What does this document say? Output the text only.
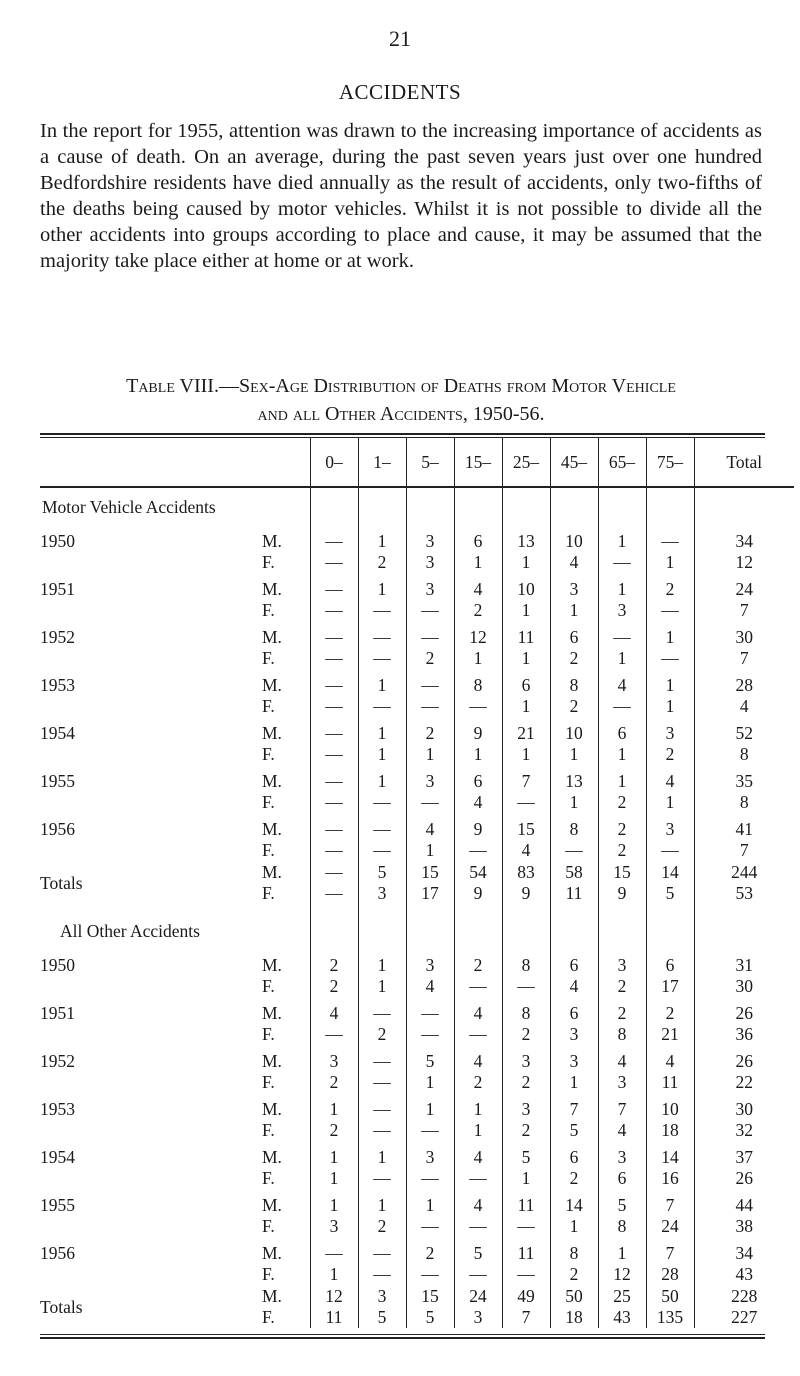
21
ACCIDENTS

In the report for 1955, attention was drawn to the increasing importance of accidents as a cause of death. On an average, during the past seven years just over one hundred Bedfordshire residents have died annually as the result of accidents, only two-fifths of the deaths being caused by motor vehicles. Whilst it is not possible to divide all the other accidents into groups according to place and cause, it may be assumed that the majority take place either at home or at work.

Table VIII.—Sex-Age Distribution of Deaths from Motor Vehicle
and all Other Accidents, 1950-56.
		0–	1–	5–	15–	25–	45–	65–	75–	Total
Motor Vehicle Accidents										

1950	M.	—	1	3	6	13	10	1	—	34
	F.	—	2	3	1	1	4	—	1	12
1951	M.	—	1	3	4	10	3	1	2	24
	F.	—	—	—	2	1	1	3	—	7
1952	M.	—	—	—	12	11	6	—	1	30
	F.	—	—	2	1	1	2	1	—	7
1953	M.	—	1	—	8	6	8	4	1	28
	F.	—	—	—	—	1	2	—	1	4
1954	M.	—	1	2	9	21	10	6	3	52
	F.	—	1	1	1	1	1	1	2	8
1955	M.	—	1	3	6	7	13	1	4	35
	F.	—	—	—	4	—	1	2	1	8
1956	M.	—	—	4	9	15	8	2	3	41
	F.	—	—	1	—	4	—	2	—	7
Totals	M.	—	5	15	54	83	58	15	14	244
	F.	—	3	17	9	9	11	9	5	53

All Other Accidents										

1950	M.	2	1	3	2	8	6	3	6	31
	F.	2	1	4	—	—	4	2	17	30
1951	M.	4	—	—	4	8	6	2	2	26
	F.	—	2	—	—	2	3	8	21	36
1952	M.	3	—	5	4	3	3	4	4	26
	F.	2	—	1	2	2	1	3	11	22
1953	M.	1	—	1	1	3	7	7	10	30
	F.	2	—	—	1	2	5	4	18	32
1954	M.	1	1	3	4	5	6	3	14	37
	F.	1	—	—	—	1	2	6	16	26
1955	M.	1	1	1	4	11	14	5	7	44
	F.	3	2	—	—	—	1	8	24	38
1956	M.	—	—	2	5	11	8	1	7	34
	F.	1	—	—	—	—	2	12	28	43
Totals	M.	12	3	15	24	49	50	25	50	228
	F.	11	5	5	3	7	18	43	135	227
